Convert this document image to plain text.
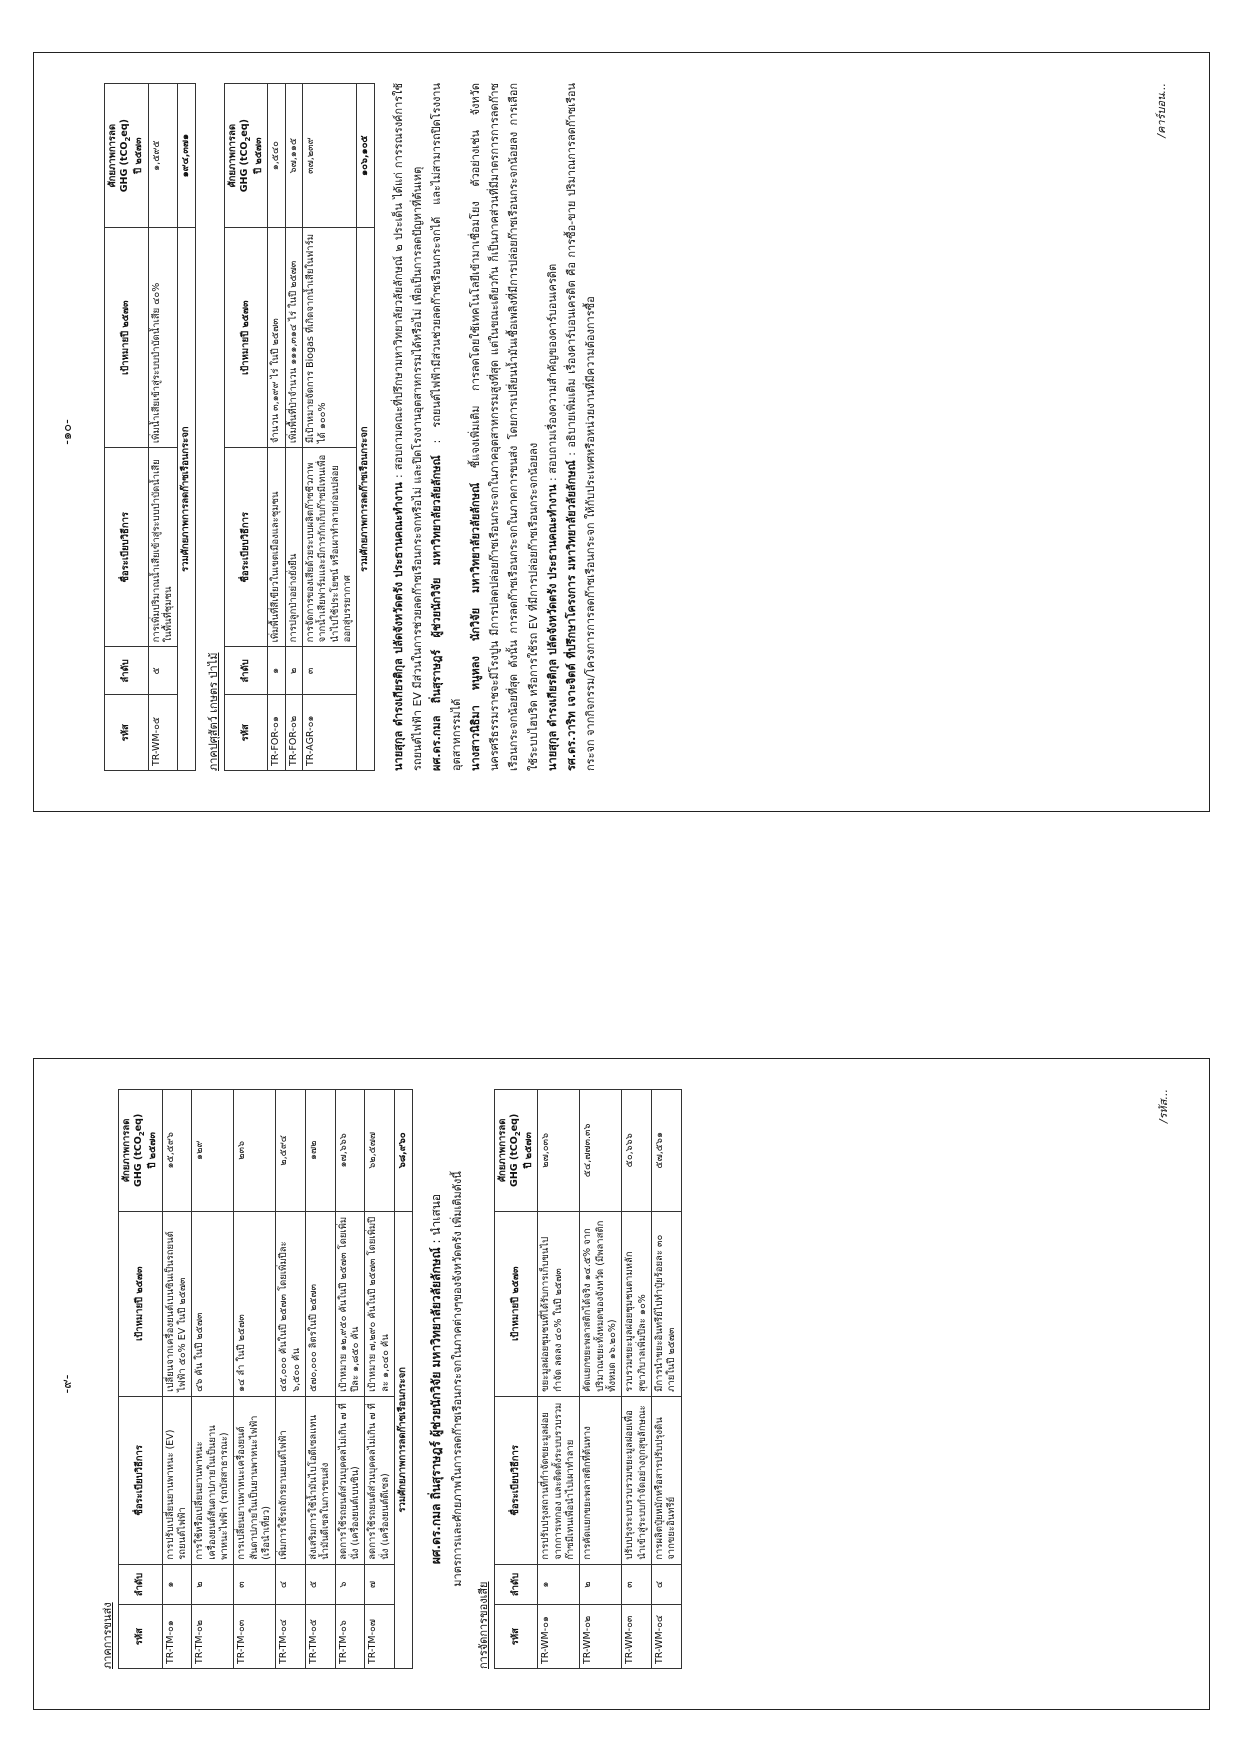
-๑๐-
รหัส	ลำดับ	ชื่อระเบียบวิธีการ	เป้าหมายปี ๒๕๗๓	ศักยภาพการลด
GHG (tCO$_2$eq)
ปี ๒๕๗๓
TR-WM-๐๕	๕	การเพิ่มปริมาณน้ำเสียเข้าสู่ระบบบำบัดน้ำเสียในพื้นที่ชุมชน	เพิ่มน้ำเสียเข้าสู่ระบบบำบัดน้ำเสีย ๔๐%	๑,๕๙๕
รวมศักยภาพการลดก๊าซเรือนกระจก				๑๙๔,๓๗๑
ภาคปศุสัตว์ เกษตร ป่าไม้ รหัส	ลำดับ	ชื่อระเบียบวิธีการ	เป้าหมายปี ๒๕๗๓	ศักยภาพการลด
GHG (tCO$_2$eq)
ปี ๒๕๗๓
TR-FOR-๐๑	๑	เพิ่มพื้นที่สีเขียวในเขตเมืองและชุมชน	จำนวน ๓,๑๙๙ ไร่ ในปี ๒๕๗๓	๑,๕๔๐
TR-FOR-๐๒	๒	การปลูกป่าอย่างยั่งยืน	เพิ่มพื้นที่ป่าจำนวน ๑๑๑,๓๑๔ ไร่ ในปี ๒๕๗๓	๖๗,๑๑๕
TR-AGR-๐๑	๓	การจัดการของเสียด้วยระบบผลิตก๊าซชีวภาพจากน้ำเสียฟาร์มและมีการกักเก็บก๊าซมีเทนเพื่อนำไปใช้ประโยชน์ หรือเผาทำลายก่อนปล่อยออกสู่บรรยากาศ	มีเป้าหมายจัดการ Biogas ที่เกิดจากน้ำเสียในฟาร์มได้ ๑๐๐%	๓๗,๒๓๙
รวมศักยภาพการลดก๊าซเรือนกระจก				๑๐๖,๑๐๕

นายสุกุล ดำรงเกียรติกุล ปลัดจังหวัดตรัง ประธานคณะทำงาน : สอบถามคณะที่ปรึกษามหาวิทยาลัยวลัยลักษณ์ ๒ ประเด็น ได้แก่ การรณรงค์การใช้รถยนต์ไฟฟ้า EV มีส่วนในการช่วยลดก๊าซเรือนกระจกหรือไม่ และปิดโรงงานอุตสาหกรรมได้หรือไม่ เพื่อเป็นการลดปัญหาที่ต้นเหตุ ผศ.ดร.กมล ถิ่นสุราษฎร์ ผู้ช่วยนักวิจัย มหาวิทยาลัยวลัยลักษณ์ : รถยนต์ไฟฟ้ามีส่วนช่วยลดก๊าซเรือนกระจกได้ และไม่สามารถปิดโรงงานอุตสาหกรรมได้ นางสาวนิธิมา หนูหลง นักวิจัย มหาวิทยาลัยวลัยลักษณ์ ชี้แจงเพิ่มเติม การลดโดยใช้เทคโนโลยีเข้ามาเชื่อมโยง ตัวอย่างเช่น จังหวัดนครศรีธรรมราชจะมีโรงปูน มีการปลดปล่อยก๊าซเรือนกระจกในภาคอุตสาหกรรมสูงที่สุด แต่ในขณะเดียวกัน ก็เป็นภาคส่วนที่มีมาตรการการลดก๊าซเรือนกระจกน้อยที่สุด ดังนั้น การลดก๊าซเรือนกระจกในภาคการขนส่ง โดยการเปลี่ยนน้ำมันเชื้อเพลิงที่มีการปล่อยก๊าซเรือนกระจกน้อยลง การเลือกใช้ระบบไฮบริด หรือการใช้รถ EV ที่มีการปล่อยก๊าซเรือนกระจกน้อยลง นายสุกุล ดำรงเกียรติกุล ปลัดจังหวัดตรัง ประธานคณะทำงาน : สอบถามเรื่องความสำคัญของคาร์บอนเครดิต

รศ.ดร.วาริท เจาะจิตต์ ที่ปรึกษาโครงการ มหาวิทยาลัยวลัยลักษณ์ : อธิบายเพิ่มเติม เรื่องคาร์บอนเครดิต คือ การซื้อ-ขาย ปริมาณการลดก๊าซเรือนกระจก จากกิจกรรม/โครงการการลดก๊าซเรือนกระจก ให้กับประเทศหรือหน่วยงานที่มีความต้องการซื้อ

/คาร์บอน...
-๙-
ภาคการขนส่ง รหัส	ลำดับ	ชื่อระเบียบวิธีการ	เป้าหมายปี ๒๕๗๓	ศักยภาพการลด
GHG (tCO$_2$eq)
ปี ๒๕๗๓
TR-TM-๐๑	๑	การปรับเปลี่ยนยานพาหนะ (EV) รถยนต์ไฟฟ้า	เปลี่ยนจากเครื่องยนต์เบนซินเป็นรถยนต์ไฟฟ้า ๕๐% EV ในปี ๒๕๗๓	๑๕,๕๙๖
TR-TM-๐๒	๒	การใช้หรือเปลี่ยนยานพาหนะเครื่องยนต์สันดาปภายในเป็นยานพาหนะไฟฟ้า (รถบัสสาธารณะ)	๔๖ คัน ในปี ๒๕๗๓	๑๒๙
TR-TM-๐๓	๓	การเปลี่ยนยานพาหนะเครื่องยนต์สันดาปภายในเป็นยานพาหนะไฟฟ้า (เรือนำเที่ยว)	๑๔ ลำ ในปี ๒๕๗๓	๒๓๖
TR-TM-๐๔	๔	เพิ่มการใช้รถจักรยานยนต์ไฟฟ้า	๔๕,๐๐๐ คันในปี ๒๕๗๓ โดยเพิ่มปีละ ๖,๕๐๐ คัน	๒,๕๙๔
TR-TM-๐๕	๕	ส่งเสริมการใช้น้ำมันไบโอดีเซลแทนน้ำมันดีเซลในการขนส่ง	๕๗๐,๐๐๐ ลิตรในปี ๒๕๗๓	๑๗๒
TR-TM-๐๖	๖	ลดการใช้รถยนต์ส่วนบุคคลไม่เกิน ๗ ที่นั่ง (เครื่องยนต์เบนซิน)	เป้าหมาย ๑๒,๙๕๐ คันในปี ๒๕๗๓ โดยเพิ่มปีละ ๑,๘๕๐ คัน	๑๗,๖๖๖
TR-TM-๐๗	๗	ลดการใช้รถยนต์ส่วนบุคคลไม่เกิน ๗ ที่นั่ง (เครื่องยนต์ดีเซล)	เป้าหมาย ๗,๒๙๐ คันในปี ๒๕๗๓ โดยเพิ่มปีละ ๑,๐๔๐ คัน	๖๒,๕๗๗
รวมศักยภาพการลดก๊าซเรือนกระจก				๖๘,๙๖๐
ผศ.ดร.กมล ถิ่นสุราษฎร์ ผู้ช่วยนักวิจัย มหาวิทยาลัยวลัยลักษณ์ : นำเสนอ มาตรการและศักยภาพในการลดก๊าซเรือนกระจกในภาคต่างๆของจังหวัดตรัง เพิ่มเติมดังนี้
การจัดการของเสีย รหัส	ลำดับ	ชื่อระเบียบวิธีการ	เป้าหมายปี ๒๕๗๓	ศักยภาพการลด
GHG (tCO$_2$eq)
ปี ๒๕๗๓
TR-WM-๐๑	๑	การปรับปรุงสถานที่กำจัดขยะมูลฝอยจากการเทกอง และติดตั้งระบบรวบรวมก๊าซมีเทนเพื่อนำไปเผาทำลาย	ขยะมูลฝอยชุมชนที่ได้รับการเก็บขนไปกำจัด ลดลง ๔๐% ในปี ๒๕๗๓	๒๗,๐๓๖
TR-WM-๐๒	๒	การคัดแยกขยะพลาสติกที่ต้นทาง	คัดแยกขยะพลาสติกได้จริง ๑๔.๕% จากปริมาณขยะทั้งหมดของจังหวัด (มีพลาสติกทั้งหมด ๑๖.๒๐%)	๕๔,๗๗๓.๓๖
TR-WM-๐๓	๓	ปรับปรุงระบบรวบรวมขยะมูลฝอยเพื่อนำเข้าสู่ระบบกำจัดอย่างถูกสุขลักษณะ	รวบรวมขยะมูลฝอยชุมชนตามหลักสุขาภิบาลเพิ่มปีละ ๑๐%	๕๐,๖๖๖
TR-WM-๐๔	๔	การผลิตปุ๋ยหมักหรือสารปรับปรุงดินจากขยะอินทรีย์	มีการนำขยะอินทรีย์ไปทำปุ๋ยร้อยละ ๓๐ ภายในปี ๒๕๗๓	๕๗,๕๖๑
/รหัส...
